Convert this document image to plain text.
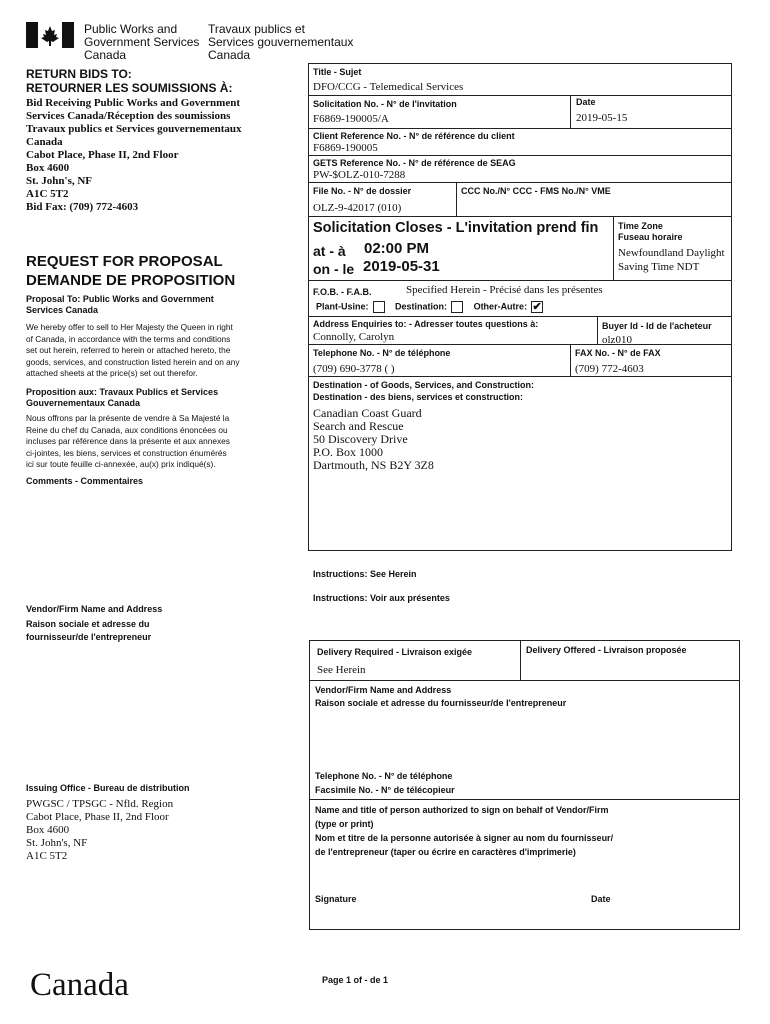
Public Works and
Government Services
Canada
Travaux publics et
Services gouvernementaux
Canada
RETURN BIDS TO:
RETOURNER LES SOUMISSIONS À:
Bid Receiving Public Works and Government
Services Canada/Réception des soumissions
Travaux publics et Services gouvernementaux
Canada
Cabot Place, Phase II, 2nd Floor
Box 4600
St. John's, NF
A1C 5T2
Bid Fax: (709) 772-4603
REQUEST FOR PROPOSAL
DEMANDE DE PROPOSITION
Proposal To: Public Works and Government
Services Canada
We hereby offer to sell to Her Majesty the Queen in right
of Canada, in accordance with the terms and conditions
set out herein, referred to herein or attached hereto, the
goods, services, and construction listed herein and on any
attached sheets at the price(s) set out therefor.
Proposition aux: Travaux Publics et Services
Gouvernementaux Canada
Nous offrons par la présente de vendre à Sa Majesté la
Reine du chef du Canada, aux conditions énoncées ou
incluses par référence dans la présente et aux annexes
ci-jointes, les biens, services et construction énumérés
ici sur toute feuille ci-annexée, au(x) prix indiqué(s).
Comments - Commentaires
Vendor/Firm Name and Address
Raison sociale et adresse du
fournisseur/de l'entrepreneur
Issuing Office - Bureau de distribution
PWGSC / TPSGC - Nfld. Region
Cabot Place, Phase II, 2nd Floor
Box 4600
St. John's, NF
A1C 5T2
Canada
Title - Sujet
DFO/CCG - Telemedical Services
Solicitation No. - N° de l'invitation
F6869-190005/A
Date
2019-05-15
Client Reference No. - N° de référence du client
F6869-190005
GETS Reference No. - N° de référence de SEAG
PW-$OLZ-010-7288
File No. - N° de dossier
OLZ-9-42017 (010)
CCC No./N° CCC - FMS No./N° VME
Solicitation Closes - L'invitation prend fin
at - à 02:00 PM
on - le 2019-05-31
Time Zone
Fuseau horaire
Newfoundland Daylight
Saving Time NDT
F.O.B. - F.A.B.	Specified Herein - Précisé dans les présentes
Plant-Usine:	Destination:	Other-Autre: ✔
Address Enquiries to: - Adresser toutes questions à:
Connolly, Carolyn
Buyer Id - Id de l'acheteur
olz010
Telephone No. - N° de téléphone
(709) 690-3778 ( )
FAX No. - N° de FAX
(709) 772-4603
Destination - of Goods, Services, and Construction:
Destination - des biens, services et construction:
Canadian Coast Guard
Search and Rescue
50 Discovery Drive
P.O. Box 1000
Dartmouth, NS B2Y 3Z8
Instructions: See Herein
Instructions: Voir aux présentes
Delivery Required - Livraison exigée
See Herein
Delivery Offered - Livraison proposée
Vendor/Firm Name and Address
Raison sociale et adresse du fournisseur/de l'entrepreneur
Telephone No. - N° de téléphone
Facsimile No. - N° de télécopieur
Name and title of person authorized to sign on behalf of Vendor/Firm
(type or print)
Nom et titre de la personne autorisée à signer au nom du fournisseur/
de l'entrepreneur (taper ou écrire en caractères d'imprimerie)
Signature	Date
Page 1 of - de 1
